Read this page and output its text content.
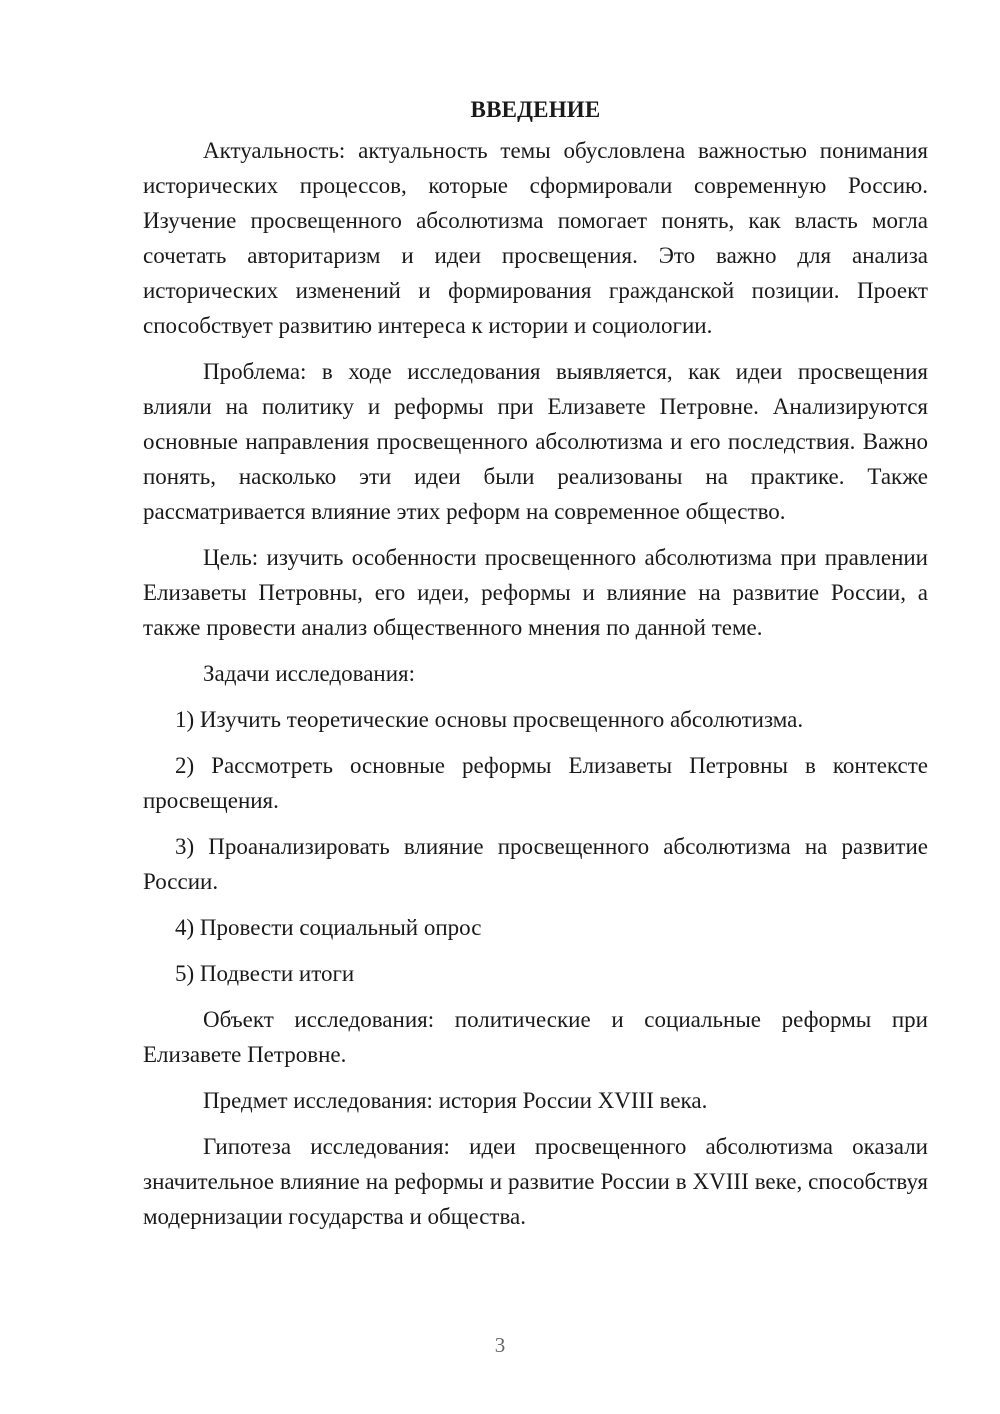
ВВЕДЕНИЕ

Актуальность: актуальность темы обусловлена важностью понимания исторических процессов, которые сформировали современную Россию. Изучение просвещенного абсолютизма помогает понять, как власть могла сочетать авторитаризм и идеи просвещения. Это важно для анализа исторических изменений и формирования гражданской позиции. Проект способствует развитию интереса к истории и социологии.

Проблема: в ходе исследования выявляется, как идеи просвещения влияли на политику и реформы при Елизавете Петровне. Анализируются основные направления просвещенного абсолютизма и его последствия. Важно понять, насколько эти идеи были реализованы на практике. Также рассматривается влияние этих реформ на современное общество.

Цель: изучить особенности просвещенного абсолютизма при правлении Елизаветы Петровны, его идеи, реформы и влияние на развитие России, а также провести анализ общественного мнения по данной теме.

Задачи исследования:

1) Изучить теоретические основы просвещенного абсолютизма.

2) Рассмотреть основные реформы Елизаветы Петровны в контексте просвещения.

3) Проанализировать влияние просвещенного абсолютизма на развитие России.

4) Провести социальный опрос

5) Подвести итоги

Объект исследования: политические и социальные реформы при Елизавете Петровне.

Предмет исследования: история России XVIII века.

Гипотеза исследования: идеи просвещенного абсолютизма оказали значительное влияние на реформы и развитие России в XVIII веке, способствуя модернизации государства и общества.

3
